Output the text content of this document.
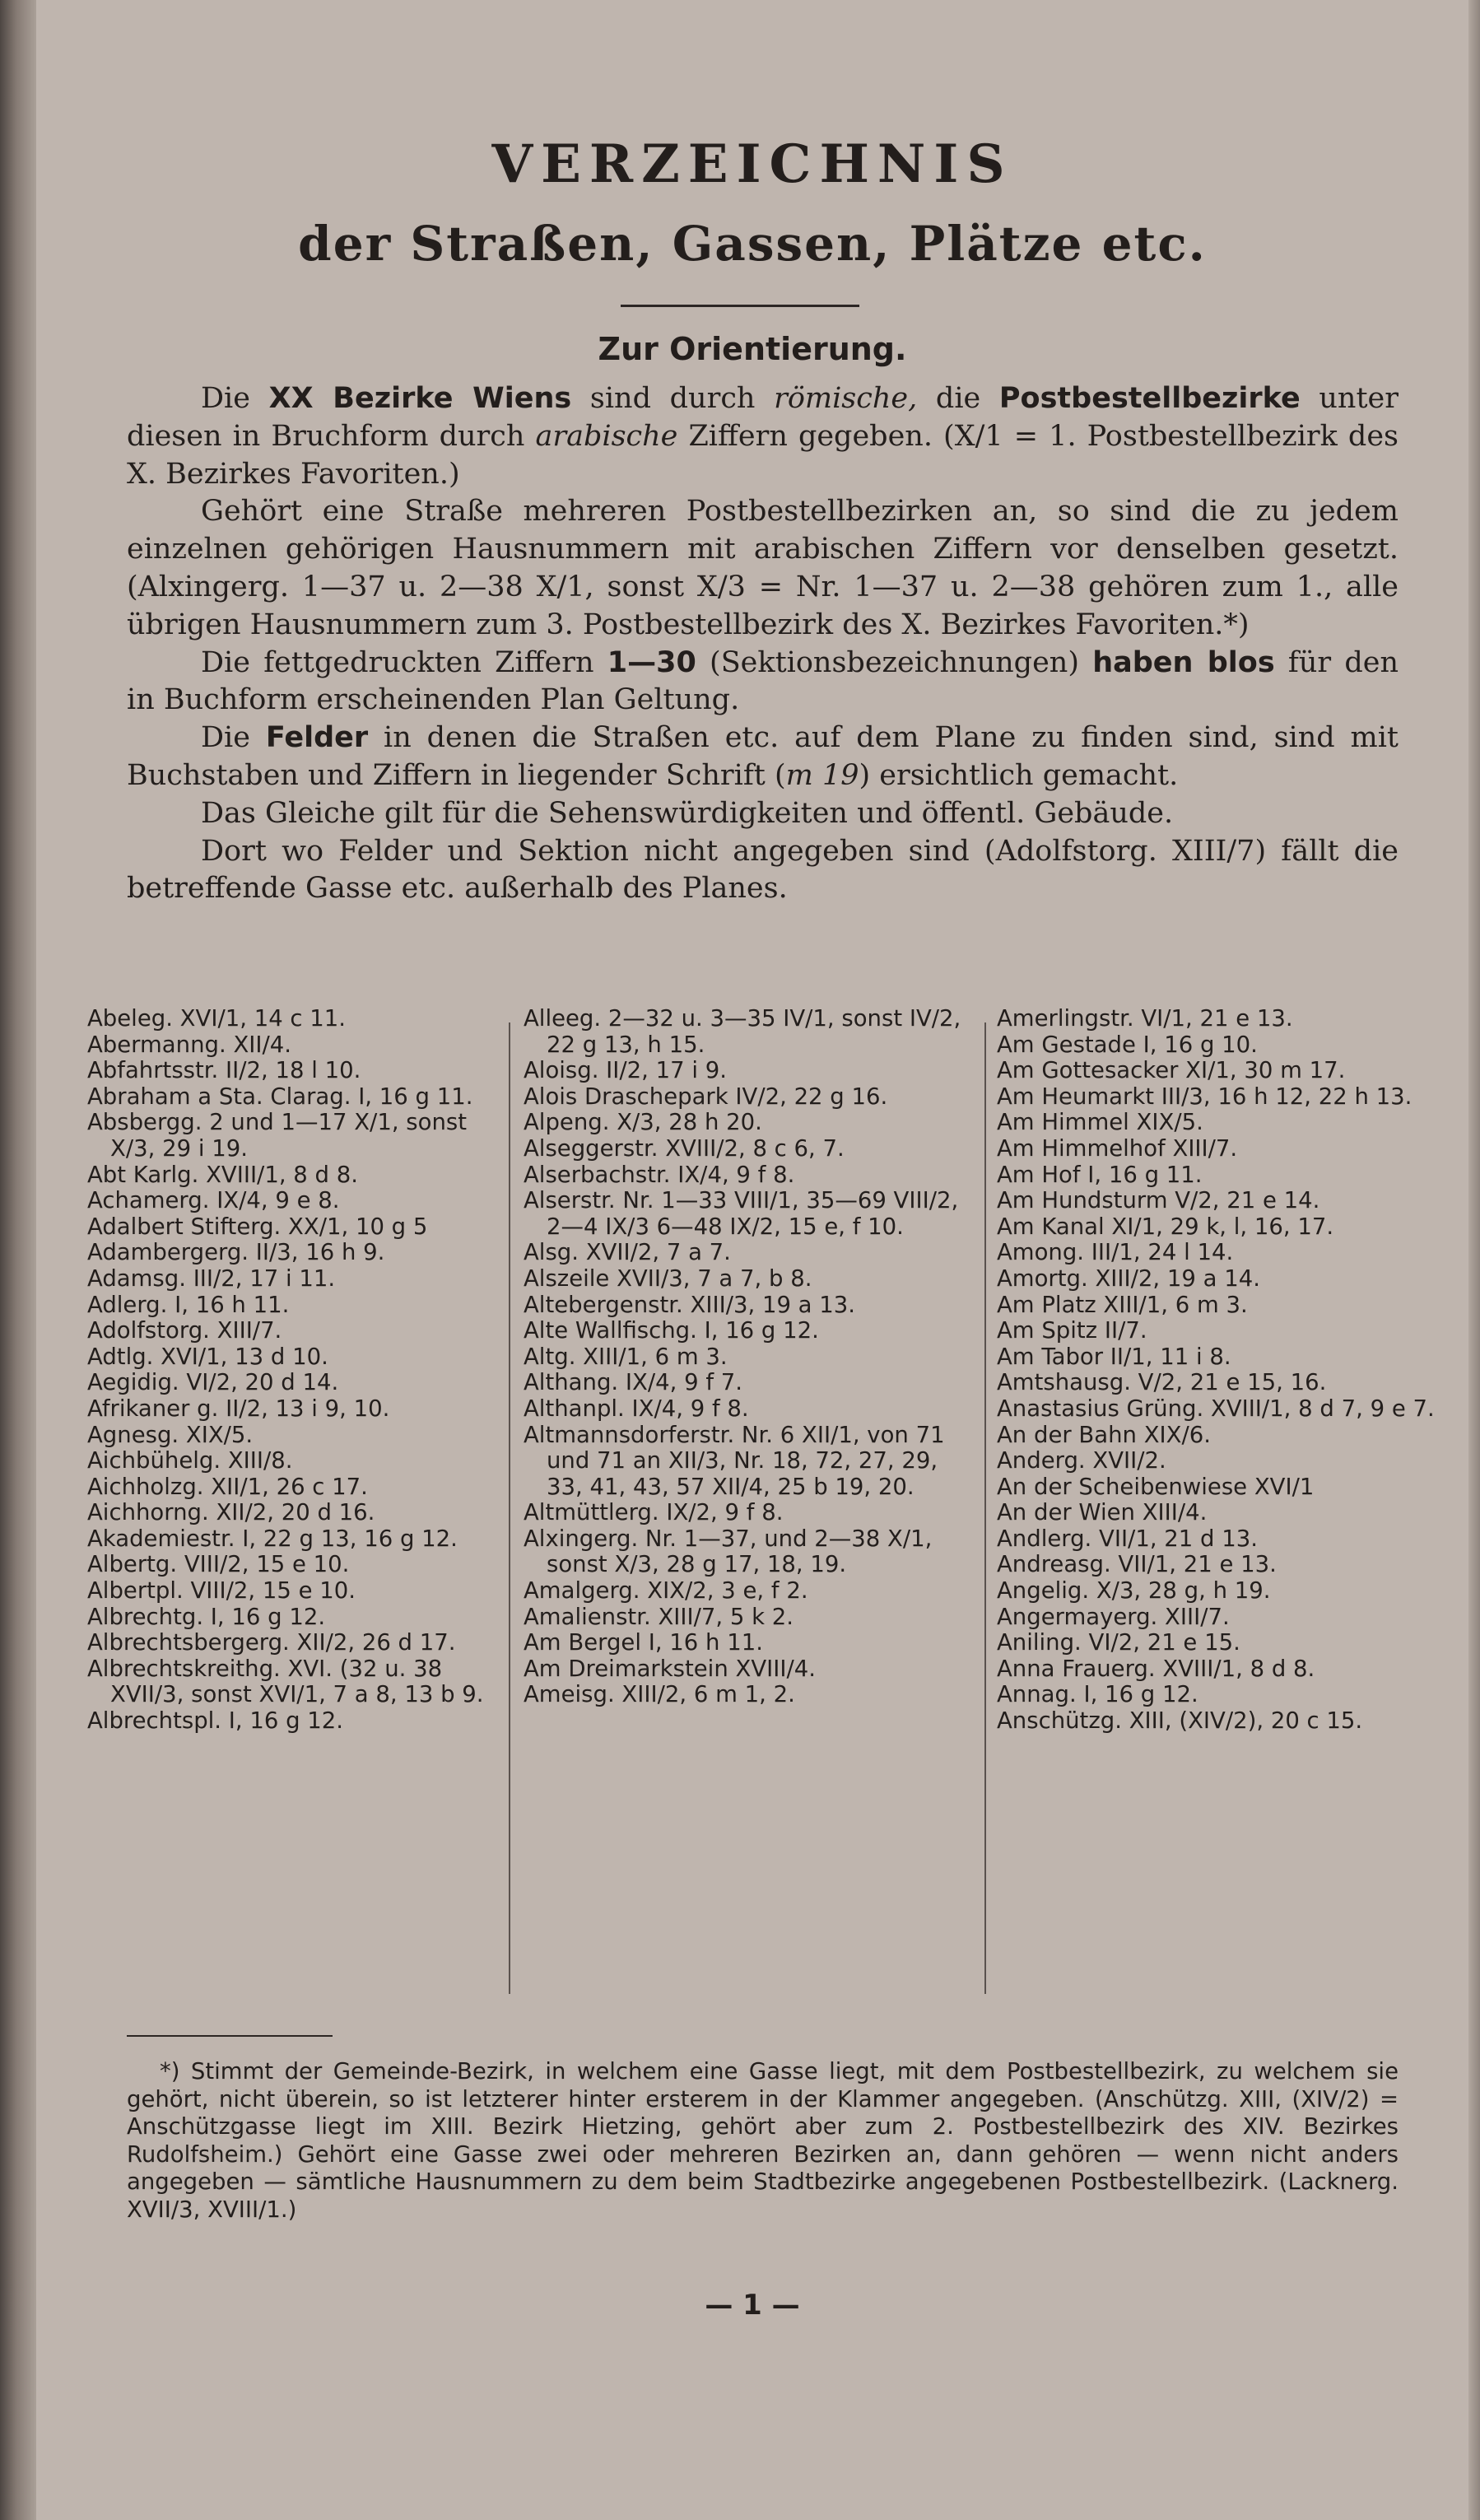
VERZEICHNIS
der Straßen, Gassen, Plätze etc.
Zur Orientierung.

Die XX Bezirke Wiens sind durch römische, die Postbestellbezirke unter diesen in Bruchform durch arabische Ziffern gegeben. (X/1 = 1. Postbestellbezirk des X. Bezirkes Favoriten.)

Gehört eine Straße mehreren Postbestellbezirken an, so sind die zu jedem einzelnen gehörigen Hausnummern mit arabischen Ziffern vor denselben gesetzt. (Alxingerg. 1—37 u. 2—38 X/1, sonst X/3 = Nr. 1—37 u. 2—38 gehören zum 1., alle übrigen Hausnummern zum 3. Postbestellbezirk des X. Bezirkes Favoriten.*)

Die fettgedruckten Ziffern 1—30 (Sektionsbezeichnungen) haben blos für den in Buchform erscheinenden Plan Geltung.

Die Felder in denen die Straßen etc. auf dem Plane zu finden sind, sind mit Buchstaben und Ziffern in liegender Schrift (m 19) ersichtlich gemacht.

Das Gleiche gilt für die Sehenswürdigkeiten und öffentl. Gebäude.

Dort wo Felder und Sektion nicht angegeben sind (Adolfstorg. XIII/7) fällt die betreffende Gasse etc. außerhalb des Planes.

Abeleg. XVI/1, 14 c 11.
Abermanng. XII/4.
Abfahrtsstr. II/2, 18 l 10.
Abraham a Sta. Clarag. I, 16 g 11.
Absbergg. 2 und 1—17 X/1, sonst X/3, 29 i 19.
Abt Karlg. XVIII/1, 8 d 8.
Achamerg. IX/4, 9 e 8.
Adalbert Stifterg. XX/1, 10 g 5
Adambergerg. II/3, 16 h 9.
Adamsg. III/2, 17 i 11.
Adlerg. I, 16 h 11.
Adolfstorg. XIII/7.
Adtlg. XVI/1, 13 d 10.
Aegidig. VI/2, 20 d 14.
Afrikaner g. II/2, 13 i 9, 10.
Agnesg. XIX/5.
Aichbühelg. XIII/8.
Aichholzg. XII/1, 26 c 17.
Aichhorng. XII/2, 20 d 16.
Akademiestr. I, 22 g 13, 16 g 12.
Albertg. VIII/2, 15 e 10.
Albertpl. VIII/2, 15 e 10.
Albrechtg. I, 16 g 12.
Albrechtsbergerg. XII/2, 26 d 17.
Albrechtskreithg. XVI. (32 u. 38 XVII/3, sonst XVI/1, 7 a 8, 13 b 9.
Albrechtspl. I, 16 g 12.
Alleeg. 2—32 u. 3—35 IV/1, sonst IV/2, 22 g 13, h 15.
Aloisg. II/2, 17 i 9.
Alois Draschepark IV/2, 22 g 16.
Alpeng. X/3, 28 h 20.
Alseggerstr. XVIII/2, 8 c 6, 7.
Alserbachstr. IX/4, 9 f 8.
Alserstr. Nr. 1—33 VIII/1, 35—69 VIII/2, 2—4 IX/3 6—48 IX/2, 15 e, f 10.
Alsg. XVII/2, 7 a 7.
Alszeile XVII/3, 7 a 7, b 8.
Altebergenstr. XIII/3, 19 a 13.
Alte Wallfischg. I, 16 g 12.
Altg. XIII/1, 6 m 3.
Althang. IX/4, 9 f 7.
Althanpl. IX/4, 9 f 8.
Altmannsdorferstr. Nr. 6 XII/1, von 71 und 71 an XII/3, Nr. 18, 72, 27, 29, 33, 41, 43, 57 XII/4, 25 b 19, 20.
Altmüttlerg. IX/2, 9 f 8.
Alxingerg. Nr. 1—37, und 2—38 X/1, sonst X/3, 28 g 17, 18, 19.
Amalgerg. XIX/2, 3 e, f 2.
Amalienstr. XIII/7, 5 k 2.
Am Bergel I, 16 h 11.
Am Dreimarkstein XVIII/4.
Ameisg. XIII/2, 6 m 1, 2.
Amerlingstr. VI/1, 21 e 13.
Am Gestade I, 16 g 10.
Am Gottesacker XI/1, 30 m 17.
Am Heumarkt III/3, 16 h 12, 22 h 13.
Am Himmel XIX/5.
Am Himmelhof XIII/7.
Am Hof I, 16 g 11.
Am Hundsturm V/2, 21 e 14.
Am Kanal XI/1, 29 k, l, 16, 17.
Among. III/1, 24 l 14.
Amortg. XIII/2, 19 a 14.
Am Platz XIII/1, 6 m 3.
Am Spitz II/7.
Am Tabor II/1, 11 i 8.
Amtshausg. V/2, 21 e 15, 16.
Anastasius Grüng. XVIII/1, 8 d 7, 9 e 7.
An der Bahn XIX/6.
Anderg. XVII/2.
An der Scheibenwiese XVI/1
An der Wien XIII/4.
Andlerg. VII/1, 21 d 13.
Andreasg. VII/1, 21 e 13.
Angelig. X/3, 28 g, h 19.
Angermayerg. XIII/7.
Aniling. VI/2, 21 e 15.
Anna Frauerg. XVIII/1, 8 d 8.
Annag. I, 16 g 12.
Anschützg. XIII, (XIV/2), 20 c 15.

*) Stimmt der Gemeinde-Bezirk, in welchem eine Gasse liegt, mit dem Postbestellbezirk, zu welchem sie gehört, nicht überein, so ist letzterer hinter ersterem in der Klammer angegeben. (Anschützg. XIII, (XIV/2) = Anschützgasse liegt im XIII. Bezirk Hietzing, gehört aber zum 2. Postbestellbezirk des XIV. Bezirkes Rudolfsheim.) Gehört eine Gasse zwei oder mehreren Bezirken an, dann gehören — wenn nicht anders angegeben — sämtliche Hausnummern zu dem beim Stadtbezirke angegebenen Postbestellbezirk. (Lacknerg. XVII/3, XVIII/1.)

— 1 —
